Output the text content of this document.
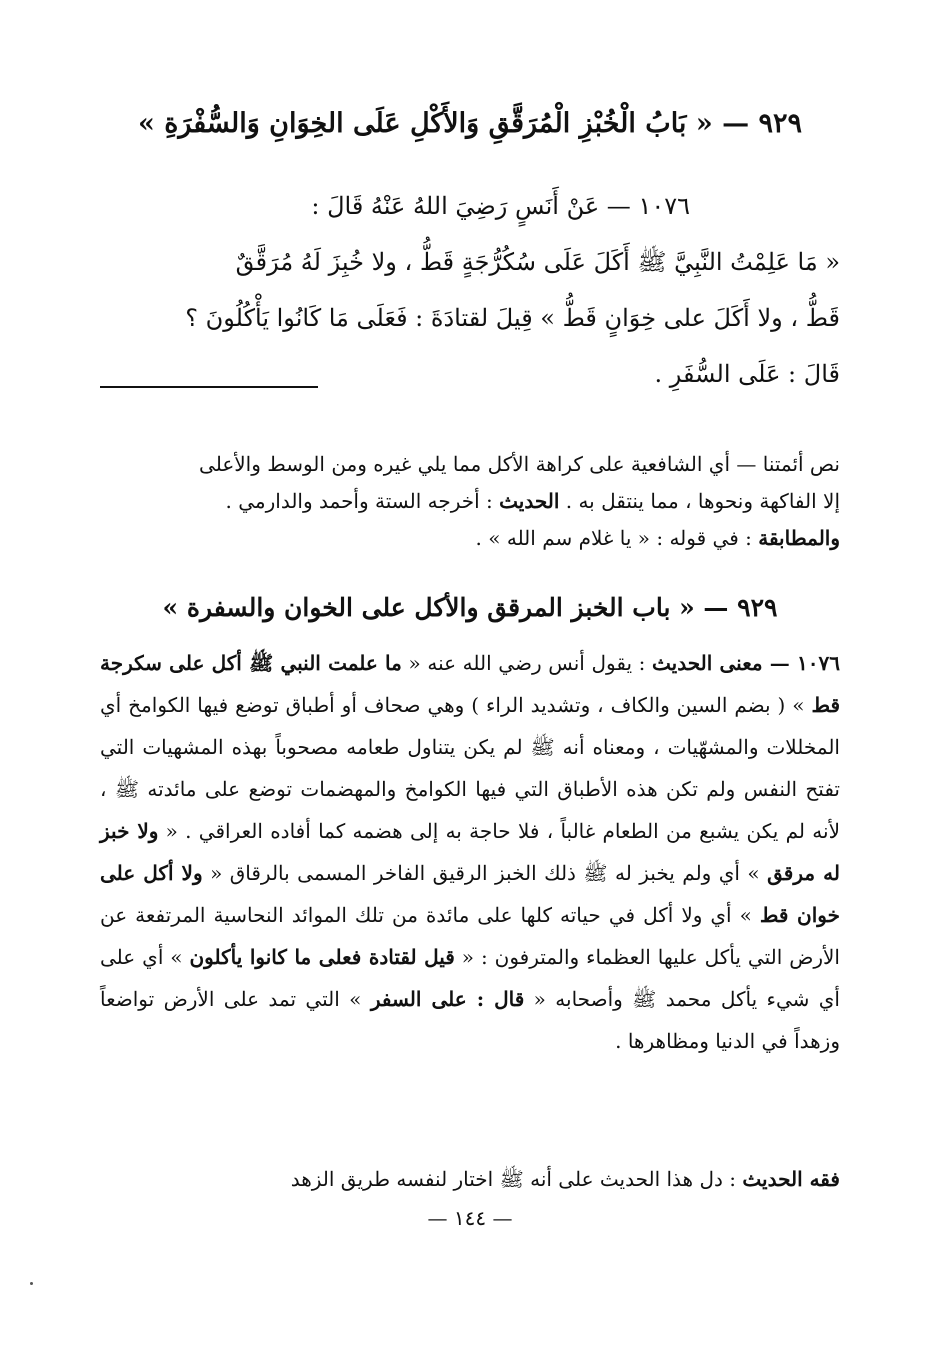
٩٢٩ — « بَابُ الْخُبْزِ الْمُرَقَّقِ وَالأَكْلِ عَلَى الخِوَانِ وَالسُّفْرَةِ »

١٠٧٦ — عَنْ أَنَسٍ رَضِيَ اللهُ عَنْهُ قَالَ :

« مَا عَلِمْتُ النَّبِيَّ ﷺ أَكَلَ عَلَى سُكُرُّجَةٍ قَطُّ ، ولا خُبِزَ لَهُ مُرَقَّقٌ

قَطُّ ، ولا أَكَلَ على خِوَانٍ قَطُّ » قِيلَ لقتادَةَ : فَعَلَى مَا كَانُوا يَأْكُلُونَ ؟

قَالَ : عَلَى السُّفَرِ .

نص أئمتنا — أي الشافعية على كراهة الأكل مما يلي غيره ومن الوسط والأعلى

إلا الفاكهة ونحوها ، مما ينتقل به . الحديث : أخرجه الستة وأحمد والدارمي .

والمطابقة : في قوله : « يا غلام سم الله » .

٩٢٩ — « باب الخبز المرقق والأكل على الخوان والسفرة »

١٠٧٦ — معنى الحديث : يقول أنس رضي الله عنه « ما علمت النبي ﷺ أكل على سكرجة قط » ( بضم السين والكاف ، وتشديد الراء ) وهي صحاف أو أطباق توضع فيها الكوامخ أي المخللات والمشهّيات ، ومعناه أنه ﷺ لم يكن يتناول طعامه مصحوباً بهذه المشهيات التي تفتح النفس ولم تكن هذه الأطباق التي فيها الكوامخ والمهضمات توضع على مائدته ﷺ ، لأنه لم يكن يشبع من الطعام غالباً ، فلا حاجة به إلى هضمه كما أفاده العراقي . « ولا خبز له مرقق » أي ولم يخبز له ﷺ ذلك الخبز الرقيق الفاخر المسمى بالرقاق « ولا أكل على خوان قط » أي ولا أكل في حياته كلها على مائدة من تلك الموائد النحاسية المرتفعة عن الأرض التي يأكل عليها العظماء والمترفون : « قيل لقتادة فعلى ما كانوا يأكلون » أي على أي شيء يأكل محمد ﷺ وأصحابه « قال : على السفر » التي تمد على الأرض تواضعاً وزهداً في الدنيا ومظاهرها .

فقه الحديث : دل هذا الحديث على أنه ﷺ اختار لنفسه طريق الزهد
— ١٤٤ —
